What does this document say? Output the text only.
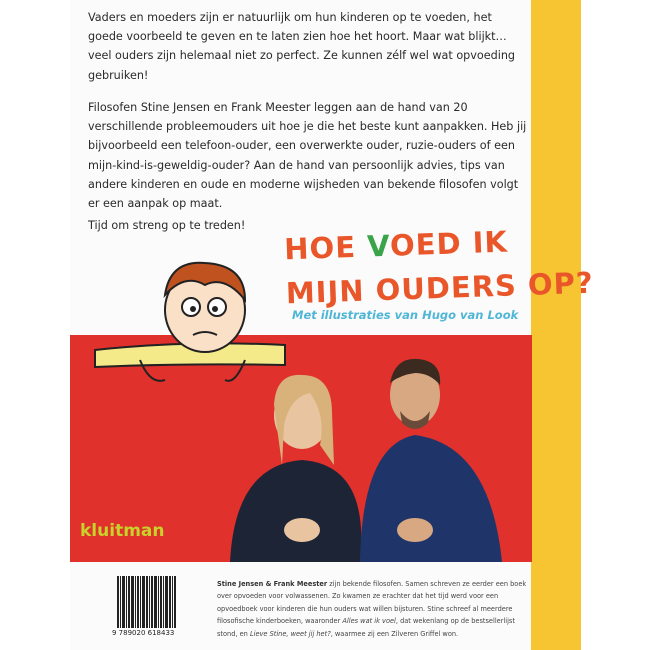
Vaders en moeders zijn er natuurlijk om hun kinderen op te voeden, het goede voorbeeld te geven en te laten zien hoe het hoort. Maar wat blijkt… veel ouders zijn helemaal niet zo perfect. Ze kunnen zélf wel wat opvoeding gebruiken!

Filosofen Stine Jensen en Frank Meester leggen aan de hand van 20 verschillende probleemouders uit hoe je die het beste kunt aanpakken. Heb jij bijvoorbeeld een telefoon-ouder, een overwerkte ouder, ruzie-ouders of een mijn-kind-is-geweldig-ouder? Aan de hand van persoonlijk advies, tips van andere kinderen en oude en moderne wijsheden van bekende filosofen volgt er een aanpak op maat.

Tijd om streng op te treden!

HOE VOED IK
MIJN OUDERS OP?
Met illustraties van Hugo van Look
kluitman
9 789020 618433

Stine Jensen & Frank Meester zijn bekende filosofen. Samen schreven ze eerder een boek over opvoeden voor volwassenen. Zo kwamen ze erachter dat het tijd werd voor een opvoedboek voor kinderen die hun ouders wat willen bijsturen. Stine schreef al meerdere filosofische kinderboeken, waaronder Alles wat ik voel, dat wekenlang op de bestsellerlijst stond, en Lieve Stine, weet jij het?, waarmee zij een Zilveren Griffel won.
